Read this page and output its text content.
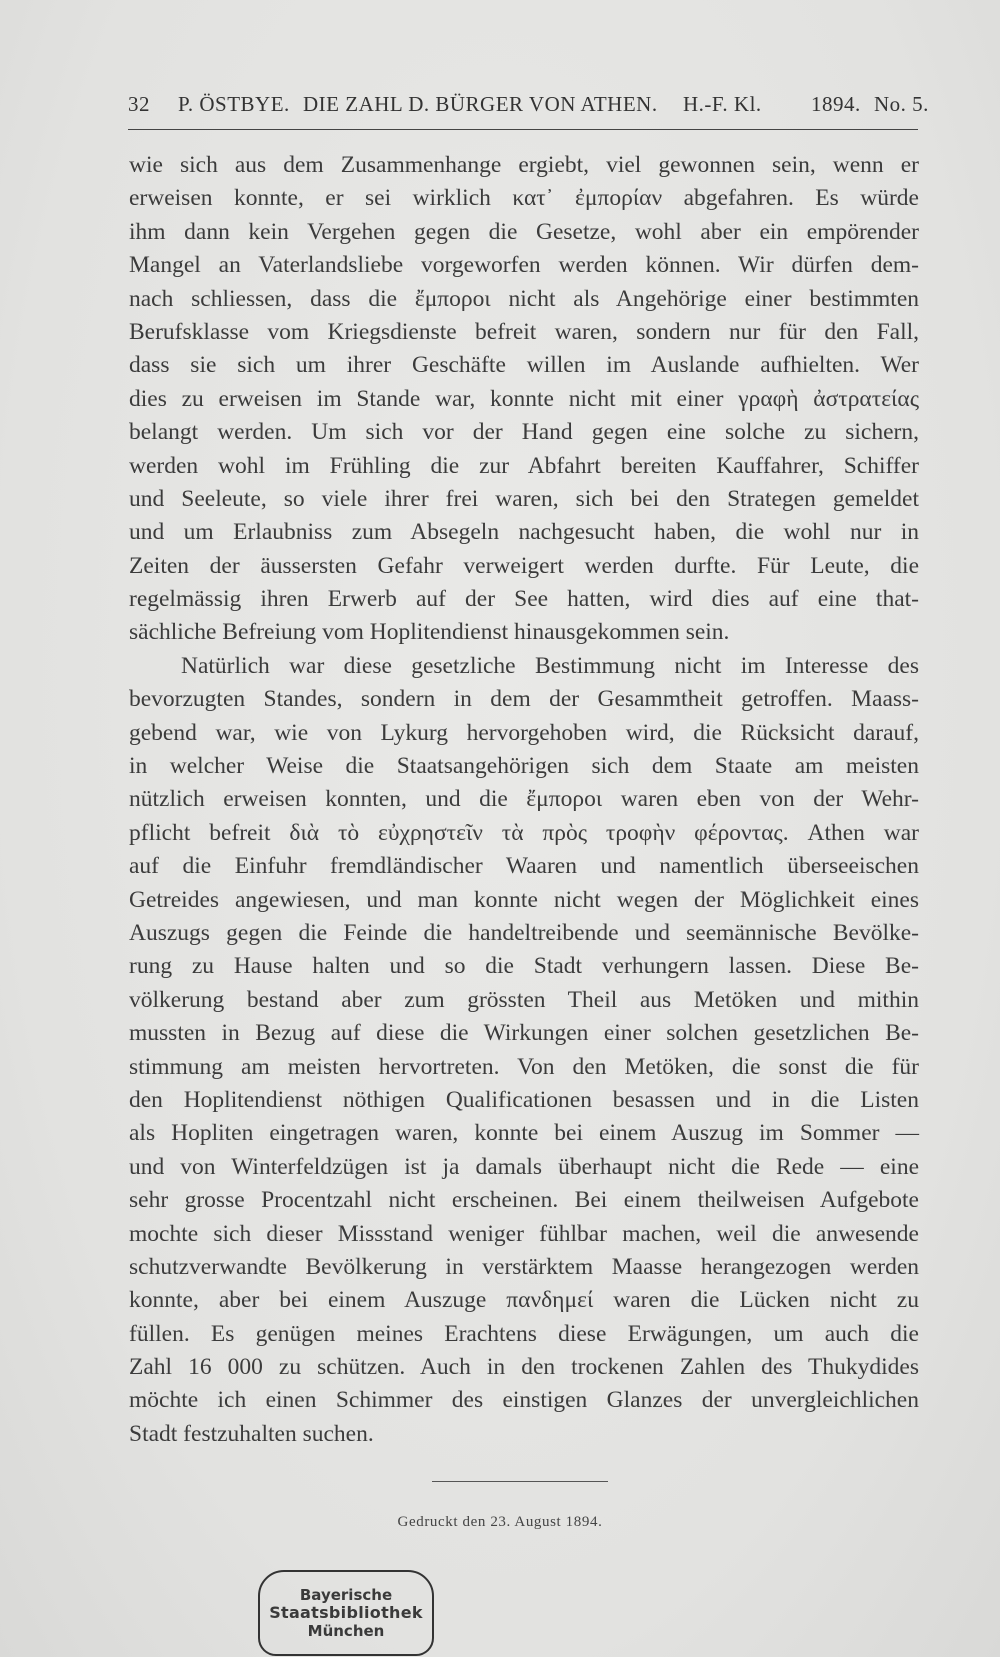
32 P. ÖSTBYE. DIE ZAHL D. BÜRGER VON ATHEN. H.-F. Kl. 1894. No. 5.
wie sich aus dem Zusammenhange ergiebt, viel gewonnen sein, wenn er
erweisen konnte, er sei wirklich κατ᾽ ἐμπορίαν abgefahren. Es würde
ihm dann kein Vergehen gegen die Gesetze, wohl aber ein empörender
Mangel an Vaterlandsliebe vorgeworfen werden können. Wir dürfen dem-
nach schliessen, dass die ἔμποροι nicht als Angehörige einer bestimmten
Berufsklasse vom Kriegsdienste befreit waren, sondern nur für den Fall,
dass sie sich um ihrer Geschäfte willen im Auslande aufhielten. Wer
dies zu erweisen im Stande war, konnte nicht mit einer γραφὴ ἀστρατείας
belangt werden. Um sich vor der Hand gegen eine solche zu sichern,
werden wohl im Frühling die zur Abfahrt bereiten Kauffahrer, Schiffer
und Seeleute, so viele ihrer frei waren, sich bei den Strategen gemeldet
und um Erlaubniss zum Absegeln nachgesucht haben, die wohl nur in
Zeiten der äussersten Gefahr verweigert werden durfte. Für Leute, die
regelmässig ihren Erwerb auf der See hatten, wird dies auf eine that-
sächliche Befreiung vom Hoplitendienst hinausgekommen sein.
Natürlich war diese gesetzliche Bestimmung nicht im Interesse des
bevorzugten Standes, sondern in dem der Gesammtheit getroffen. Maass-
gebend war, wie von Lykurg hervorgehoben wird, die Rücksicht darauf,
in welcher Weise die Staatsangehörigen sich dem Staate am meisten
nützlich erweisen konnten, und die ἔμποροι waren eben von der Wehr-
pflicht befreit διὰ τὸ εὐχρηστεῖν τὰ πρὸς τροφὴν φέροντας. Athen war
auf die Einfuhr fremdländischer Waaren und namentlich überseeischen
Getreides angewiesen, und man konnte nicht wegen der Möglichkeit eines
Auszugs gegen die Feinde die handeltreibende und seemännische Bevölke-
rung zu Hause halten und so die Stadt verhungern lassen. Diese Be-
völkerung bestand aber zum grössten Theil aus Metöken und mithin
mussten in Bezug auf diese die Wirkungen einer solchen gesetzlichen Be-
stimmung am meisten hervortreten. Von den Metöken, die sonst die für
den Hoplitendienst nöthigen Qualificationen besassen und in die Listen
als Hopliten eingetragen waren, konnte bei einem Auszug im Sommer —
und von Winterfeldzügen ist ja damals überhaupt nicht die Rede — eine
sehr grosse Procentzahl nicht erscheinen. Bei einem theilweisen Aufgebote
mochte sich dieser Missstand weniger fühlbar machen, weil die anwesende
schutzverwandte Bevölkerung in verstärktem Maasse herangezogen werden
konnte, aber bei einem Auszuge πανδημεί waren die Lücken nicht zu
füllen. Es genügen meines Erachtens diese Erwägungen, um auch die
Zahl 16 000 zu schützen. Auch in den trockenen Zahlen des Thukydides
möchte ich einen Schimmer des einstigen Glanzes der unvergleichlichen
Stadt festzuhalten suchen.
Gedruckt den 23. August 1894.
Bayerische
Staatsbibliothek
München
